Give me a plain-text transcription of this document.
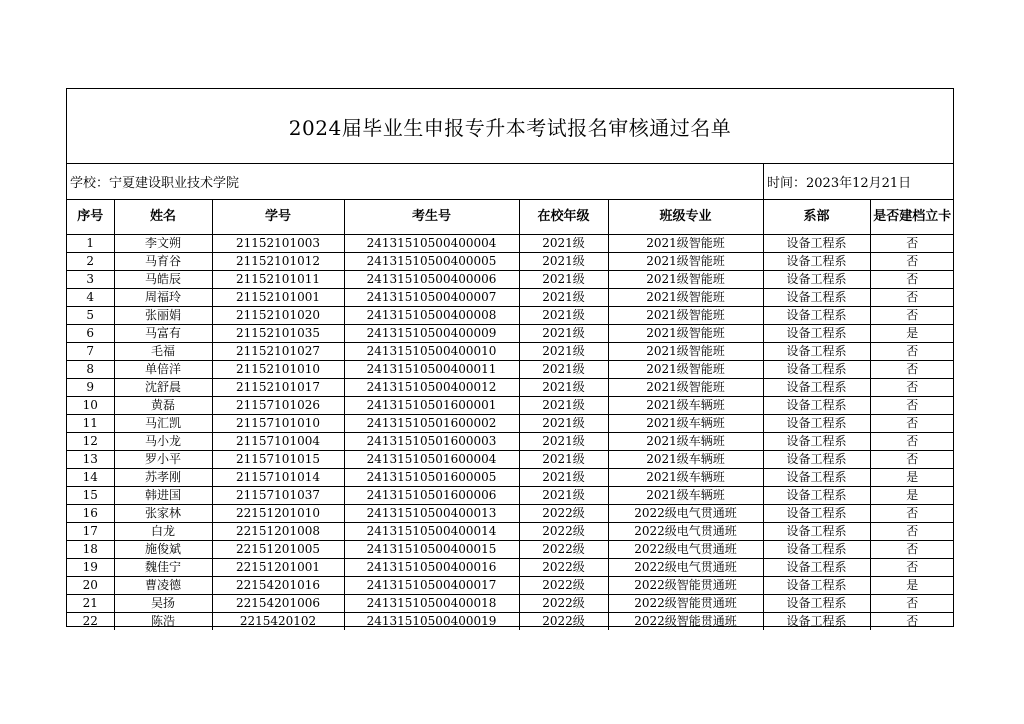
2024届毕业生申报专升本考试报名审核通过名单
学校： 宁夏建设职业技术学院	时间： 2023年12月21日
序号	姓名	学号	考生号	在校年级	班级专业	系部	是否建档立卡
1	李文朔	21152101003	24131510500400004	2021级	2021级智能班	设备工程系	否
2	马育谷	21152101012	24131510500400005	2021级	2021级智能班	设备工程系	否
3	马皓辰	21152101011	24131510500400006	2021级	2021级智能班	设备工程系	否
4	周福玲	21152101001	24131510500400007	2021级	2021级智能班	设备工程系	否
5	张丽娟	21152101020	24131510500400008	2021级	2021级智能班	设备工程系	否
6	马富有	21152101035	24131510500400009	2021级	2021级智能班	设备工程系	是
7	毛福	21152101027	24131510500400010	2021级	2021级智能班	设备工程系	否
8	单倍洋	21152101010	24131510500400011	2021级	2021级智能班	设备工程系	否
9	沈舒晨	21152101017	24131510500400012	2021级	2021级智能班	设备工程系	否
10	黄磊	21157101026	24131510501600001	2021级	2021级车辆班	设备工程系	否
11	马汇凯	21157101010	24131510501600002	2021级	2021级车辆班	设备工程系	否
12	马小龙	21157101004	24131510501600003	2021级	2021级车辆班	设备工程系	否
13	罗小平	21157101015	24131510501600004	2021级	2021级车辆班	设备工程系	否
14	苏孝刚	21157101014	24131510501600005	2021级	2021级车辆班	设备工程系	是
15	韩进国	21157101037	24131510501600006	2021级	2021级车辆班	设备工程系	是
16	张家林	22151201010	24131510500400013	2022级	2022级电气贯通班	设备工程系	否
17	白龙	22151201008	24131510500400014	2022级	2022级电气贯通班	设备工程系	否
18	施俊斌	22151201005	24131510500400015	2022级	2022级电气贯通班	设备工程系	否
19	魏佳宁	22151201001	24131510500400016	2022级	2022级电气贯通班	设备工程系	否
20	曹凌德	22154201016	24131510500400017	2022级	2022级智能贯通班	设备工程系	是
21	吴扬	22154201006	24131510500400018	2022级	2022级智能贯通班	设备工程系	否
22	陈浩	2215420102	24131510500400019	2022级	2022级智能贯通班	设备工程系	否
